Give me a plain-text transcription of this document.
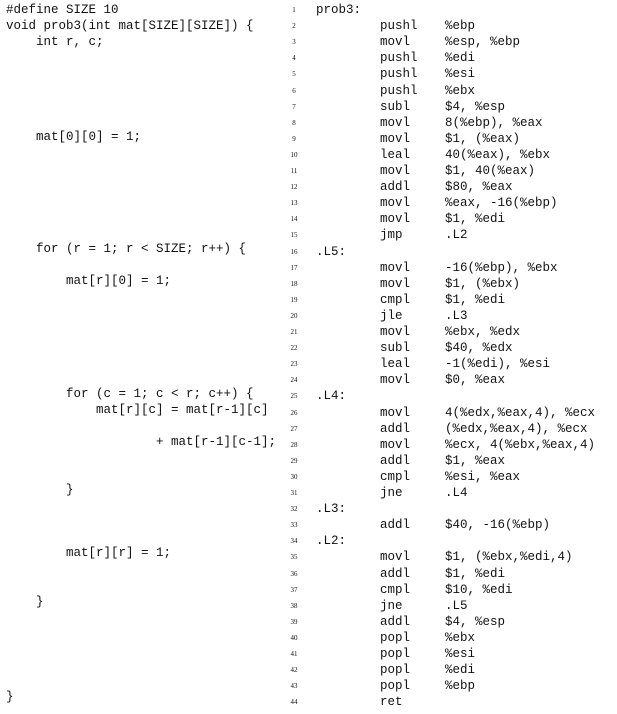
#define SIZE 10
void prob3(int mat[SIZE][SIZE]) {
int r, c;
mat[0][0] = 1;
for (r = 1; r < SIZE; r++) {
mat[r][0] = 1;
for (c = 1; c < r; c++) {
mat[r][c] = mat[r-1][c]
+ mat[r-1][c-1];
}
mat[r][r] = 1;
}
}
1	prob3:
2	pushl %ebp
3	movl	%esp, %ebp
4	pushl %edi
5	pushl %esi
6	pushl %ebx
7	subl	$4, %esp
8	movl	8(%ebp), %eax
9	movl	$1, (%eax)
10	leal	40(%eax), %ebx
11	movl	$1, 40(%eax)
12	addl	$80, %eax
13	movl	%eax, -16(%ebp)
14	movl	$1, %edi
15	jmp	.L2
16	.L5:
17	movl	-16(%ebp), %ebx
18	movl	$1, (%ebx)
19	cmpl	$1, %edi
20	jle	.L3
21	movl	%ebx, %edx
22	subl	$40, %edx
23	leal	-1(%edi), %esi
24	movl	$0, %eax
25	.L4:
26	movl	4(%edx,%eax,4), %ecx
27	addl	(%edx,%eax,4), %ecx
28	movl	%ecx, 4(%ebx,%eax,4)
29	addl	$1, %eax
30	cmpl	%esi, %eax
31	jne	.L4
32	.L3:
33	addl	$40, -16(%ebp)
34	.L2:
35	movl	$1, (%ebx,%edi,4)
36	addl	$1, %edi
37	cmpl	$10, %edi
38	jne	.L5
39	addl	$4, %esp
40	popl	%ebx
41	popl	%esi
42	popl	%edi
43	popl	%ebp
44	ret
